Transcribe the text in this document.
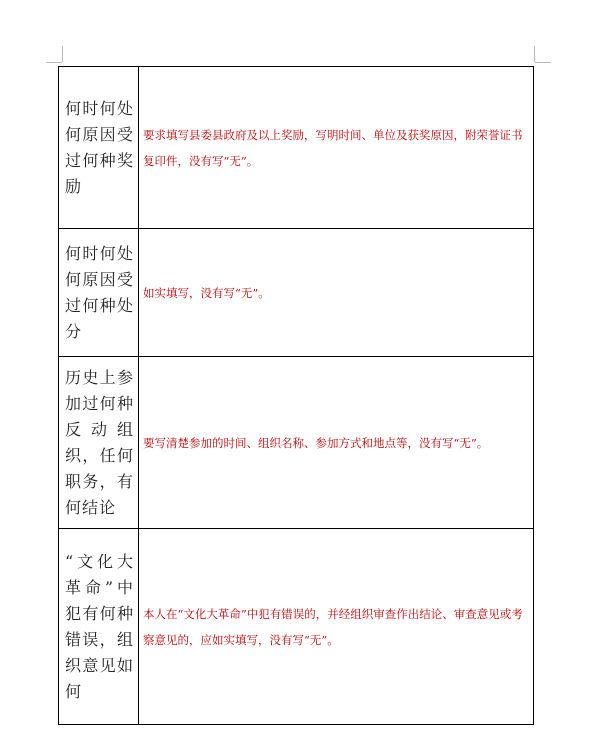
何时何处何原因受过何种奖励	要求填写县委县政府及以上奖励，写明时间、单位及获奖原因，附荣誉证书复印件，没有写“无”。

何时何处何原因受过何种处分	如实填写，没有写“无”。

历史上参加过何种反动组织，任何职务，有何结论	要写清楚参加的时间、组织名称、参加方式和地点等，没有写“无”。

“文化大革命”中犯有何种错误，组织意见如何	本人在“文化大革命”中犯有错误的，并经组织审查作出结论、审查意见或考察意见的，应如实填写，没有写“无”。
